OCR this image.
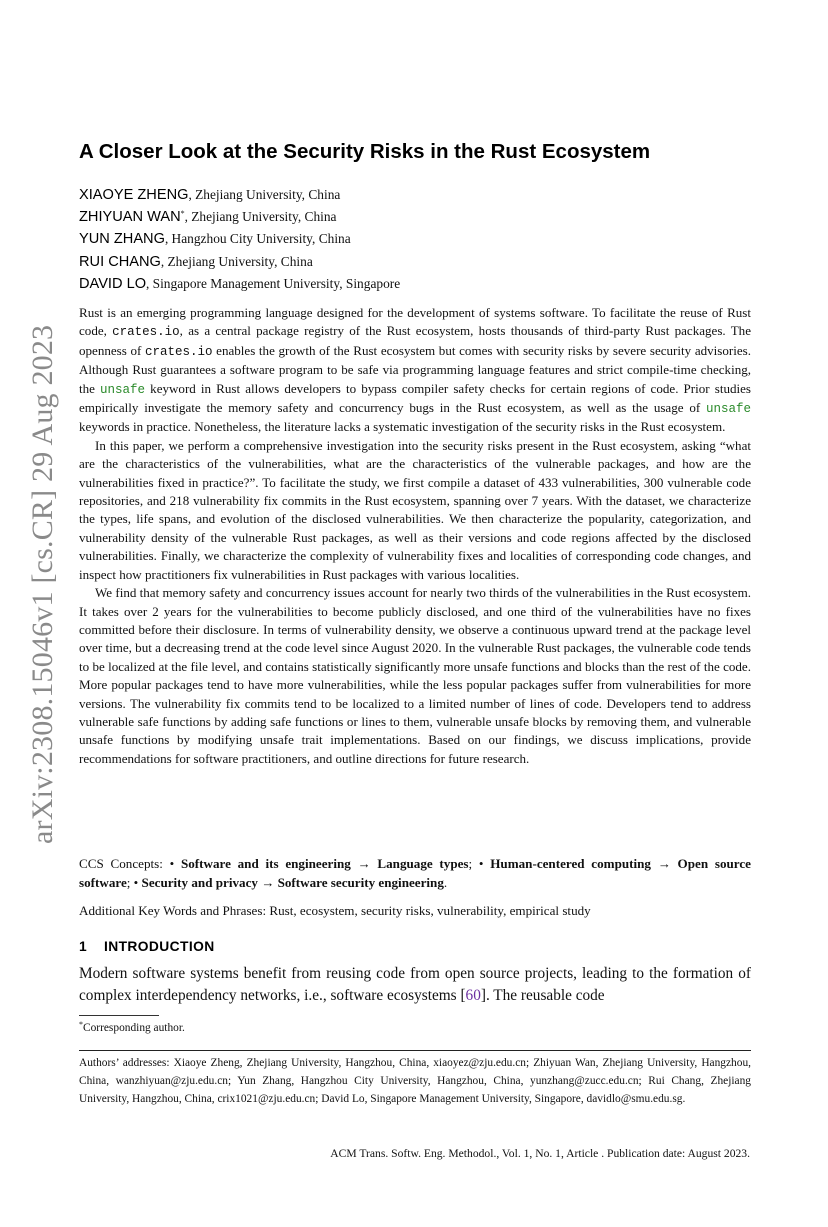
arXiv:2308.15046v1 [cs.CR] 29 Aug 2023
A Closer Look at the Security Risks in the Rust Ecosystem
XIAOYE ZHENG, Zhejiang University, China
ZHIYUAN WAN*, Zhejiang University, China
YUN ZHANG, Hangzhou City University, China
RUI CHANG, Zhejiang University, China
DAVID LO, Singapore Management University, Singapore

Rust is an emerging programming language designed for the development of systems software. To facilitate the reuse of Rust code, crates.io, as a central package registry of the Rust ecosystem, hosts thousands of third-party Rust packages. The openness of crates.io enables the growth of the Rust ecosystem but comes with security risks by severe security advisories. Although Rust guarantees a software program to be safe via programming language features and strict compile-time checking, the unsafe keyword in Rust allows developers to bypass compiler safety checks for certain regions of code. Prior studies empirically investigate the memory safety and concurrency bugs in the Rust ecosystem, as well as the usage of unsafe keywords in practice. Nonetheless, the literature lacks a systematic investigation of the security risks in the Rust ecosystem.

In this paper, we perform a comprehensive investigation into the security risks present in the Rust ecosystem, asking “what are the characteristics of the vulnerabilities, what are the characteristics of the vulnerable packages, and how are the vulnerabilities fixed in practice?”. To facilitate the study, we first compile a dataset of 433 vulnerabilities, 300 vulnerable code repositories, and 218 vulnerability fix commits in the Rust ecosystem, spanning over 7 years. With the dataset, we characterize the types, life spans, and evolution of the disclosed vulnerabilities. We then characterize the popularity, categorization, and vulnerability density of the vulnerable Rust packages, as well as their versions and code regions affected by the disclosed vulnerabilities. Finally, we characterize the complexity of vulnerability fixes and localities of corresponding code changes, and inspect how practitioners fix vulnerabilities in Rust packages with various localities.

We find that memory safety and concurrency issues account for nearly two thirds of the vulnerabilities in the Rust ecosystem. It takes over 2 years for the vulnerabilities to become publicly disclosed, and one third of the vulnerabilities have no fixes committed before their disclosure. In terms of vulnerability density, we observe a continuous upward trend at the package level over time, but a decreasing trend at the code level since August 2020. In the vulnerable Rust packages, the vulnerable code tends to be localized at the file level, and contains statistically significantly more unsafe functions and blocks than the rest of the code. More popular packages tend to have more vulnerabilities, while the less popular packages suffer from vulnerabilities for more versions. The vulnerability fix commits tend to be localized to a limited number of lines of code. Developers tend to address vulnerable safe functions by adding safe functions or lines to them, vulnerable unsafe blocks by removing them, and vulnerable unsafe functions by modifying unsafe trait implementations. Based on our findings, we discuss implications, provide recommendations for software practitioners, and outline directions for future research.

CCS Concepts: • Software and its engineering → Language types; • Human-centered computing → Open source software; • Security and privacy → Software security engineering.
Additional Key Words and Phrases: Rust, ecosystem, security risks, vulnerability, empirical study
1 INTRODUCTION

Modern software systems benefit from reusing code from open source projects, leading to the formation of complex interdependency networks, i.e., software ecosystems [60]. The reusable code

*Corresponding author.

Authors’ addresses: Xiaoye Zheng, Zhejiang University, Hangzhou, China, xiaoyez@zju.edu.cn; Zhiyuan Wan, Zhejiang University, Hangzhou, China, wanzhiyuan@zju.edu.cn; Yun Zhang, Hangzhou City University, Hangzhou, China, yunzhang@zucc.edu.cn; Rui Chang, Zhejiang University, Hangzhou, China, crix1021@zju.edu.cn; David Lo, Singapore Management University, Singapore, davidlo@smu.edu.sg.

ACM Trans. Softw. Eng. Methodol., Vol. 1, No. 1, Article . Publication date: August 2023.
